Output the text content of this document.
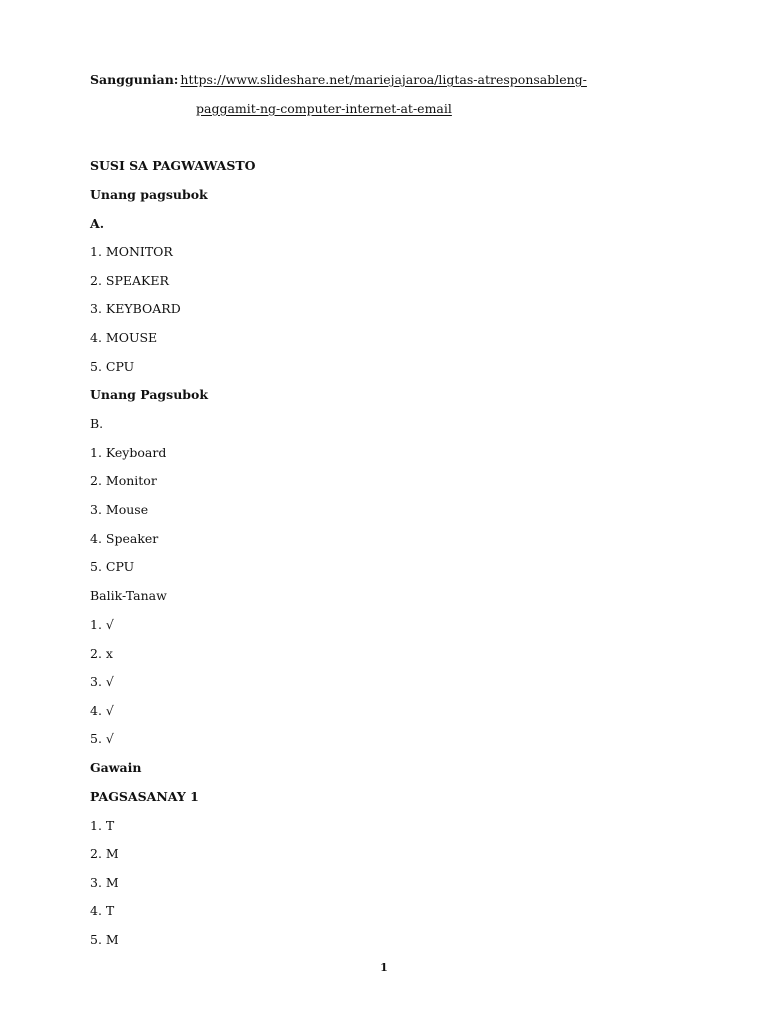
Sanggunian: https://www.slideshare.net/mariejajaroa/ligtas-atresponsableng-
paggamit-ng-computer-internet-at-email
SUSI SA PAGWAWASTO
Unang pagsubok
A.
1. MONITOR
2. SPEAKER
3. KEYBOARD
4. MOUSE
5. CPU
Unang Pagsubok
B.
1. Keyboard
2. Monitor
3. Mouse
4. Speaker
5. CPU
Balik-Tanaw
1. √
2. x
3. √
4. √
5. √
Gawain
PAGSASANAY 1
1. T
2. M
3. M
4. T
5. M
1
